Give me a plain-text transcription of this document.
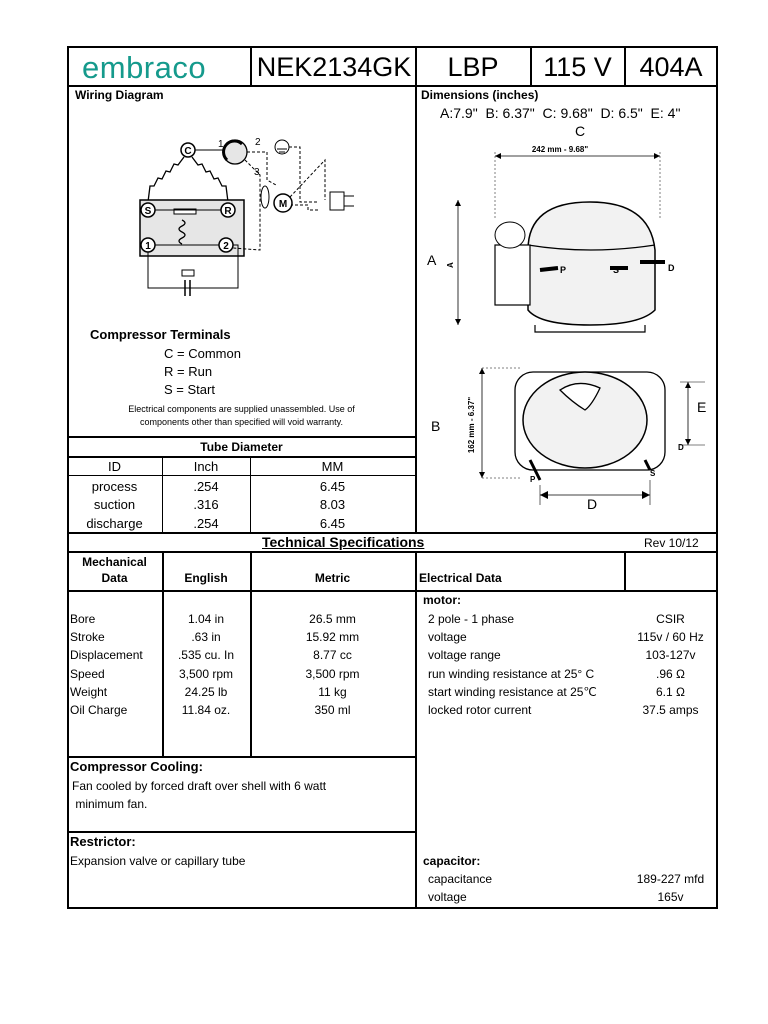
embraco NEK2134GK	LBP	115 V	404A
Wiring Diagram
C
S	R
1	2
1	2
3
M
Compressor Terminals
C = Common
R = Run
S = Start
Electrical components are supplied unassembled. Use of
components other than specified will void warranty.
Tube Diameter
ID	Inch	MM
process	.254	6.45
suction	.316	8.03
discharge	.254	6.45
Dimensions (inches)
A:7.9"  B: 6.37"  C: 9.68"  D: 6.5"  E: 4"
C
242 mm - 9.68"
A	P	S	D
A
162 mm - 6.37"
P
S
D
B
E
D
Technical Specifications	Rev 10/12
Mechanical
Data	English	Metric	Electrical Data
Bore	1.04 in	26.5 mm
Stroke	.63 in	15.92 mm
Displacement	.535 cu. In	8.77 cc
Speed	3,500 rpm	3,500 rpm
Weight	24.25 lb	11 kg
Oil Charge	11.84 oz.	350 ml
motor:
2 pole - 1 phase	CSIR
voltage	115v / 60 Hz
voltage range	103-127v
run winding resistance at 25° C	.96 Ω
start winding resistance at 25℃	6.1 Ω
locked rotor current	37.5 amps
Compressor Cooling:
Fan cooled by forced draft over shell with 6 watt
minimum fan.
Restrictor:
Expansion valve or capillary tube	capacitor:
capacitance	189-227 mfd
voltage	165v
